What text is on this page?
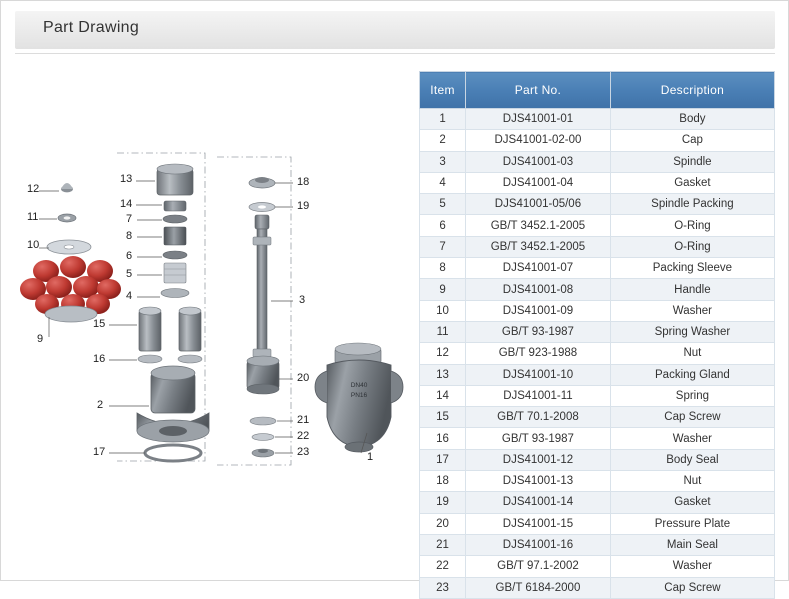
Part Drawing
DN40
PN16
12
11
10
9
13
14
7
8
6
5
4
15
16
2
17
18
19
3
20
21
22
23	1
Item	Part No.	Description
1	DJS41001-01	Body
2	DJS41001-02-00	Cap
3	DJS41001-03	Spindle
4	DJS41001-04	Gasket
5	DJS41001-05/06	Spindle Packing
6	GB/T 3452.1-2005	O-Ring
7	GB/T 3452.1-2005	O-Ring
8	DJS41001-07	Packing Sleeve
9	DJS41001-08	Handle
10	DJS41001-09	Washer
11	GB/T 93-1987	Spring Washer
12	GB/T 923-1988	Nut
13	DJS41001-10	Packing Gland
14	DJS41001-11	Spring
15	GB/T 70.1-2008	Cap Screw
16	GB/T 93-1987	Washer
17	DJS41001-12	Body Seal
18	DJS41001-13	Nut
19	DJS41001-14	Gasket
20	DJS41001-15	Pressure Plate
21	DJS41001-16	Main Seal
22	GB/T 97.1-2002	Washer
23	GB/T 6184-2000	Cap Screw
